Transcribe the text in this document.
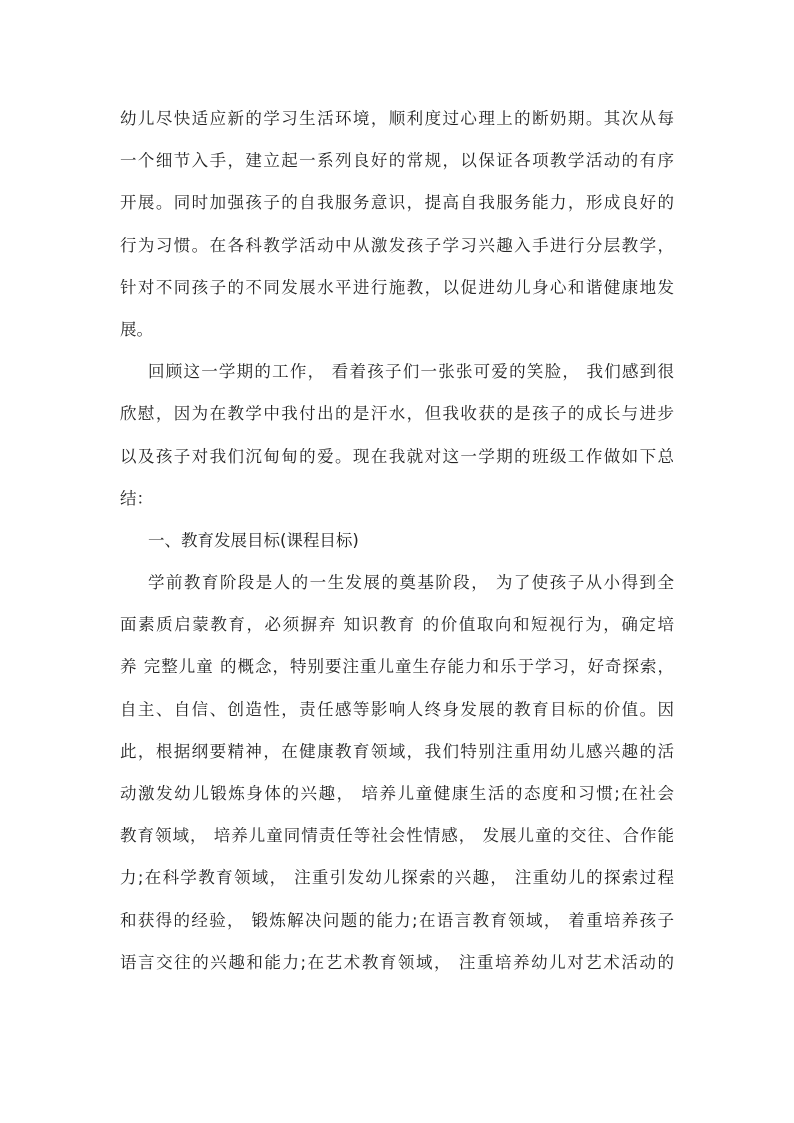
幼儿尽快适应新的学习生活环境，顺利度过心理上的断奶期。其次从每
一个细节入手，建立起一系列良好的常规，以保证各项教学活动的有序
开展。同时加强孩子的自我服务意识，提高自我服务能力，形成良好的
行为习惯。在各科教学活动中从激发孩子学习兴趣入手进行分层教学，
针对不同孩子的不同发展水平进行施教，以促进幼儿身心和谐健康地发
展。
回顾这一学期的工作， 看着孩子们一张张可爱的笑脸， 我们感到很
欣慰，因为在教学中我付出的是汗水，但我收获的是孩子的成长与进步
以及孩子对我们沉甸甸的爱。现在我就对这一学期的班级工作做如下总
结：
一、教育发展目标(课程目标)
学前教育阶段是人的一生发展的奠基阶段， 为了使孩子从小得到全
面素质启蒙教育，必须摒弃 知识教育 的价值取向和短视行为，确定培
养 完整儿童 的概念，特别要注重儿童生存能力和乐于学习，好奇探索，
自主、自信、创造性，责任感等影响人终身发展的教育目标的价值。因
此，根据纲要精神，在健康教育领域，我们特别注重用幼儿感兴趣的活
动激发幼儿锻炼身体的兴趣， 培养儿童健康生活的态度和习惯;在社会
教育领域， 培养儿童同情责任等社会性情感， 发展儿童的交往、合作能
力;在科学教育领域， 注重引发幼儿探索的兴趣， 注重幼儿的探索过程
和获得的经验， 锻炼解决问题的能力;在语言教育领域， 着重培养孩子
语言交往的兴趣和能力;在艺术教育领域， 注重培养幼儿对艺术活动的
